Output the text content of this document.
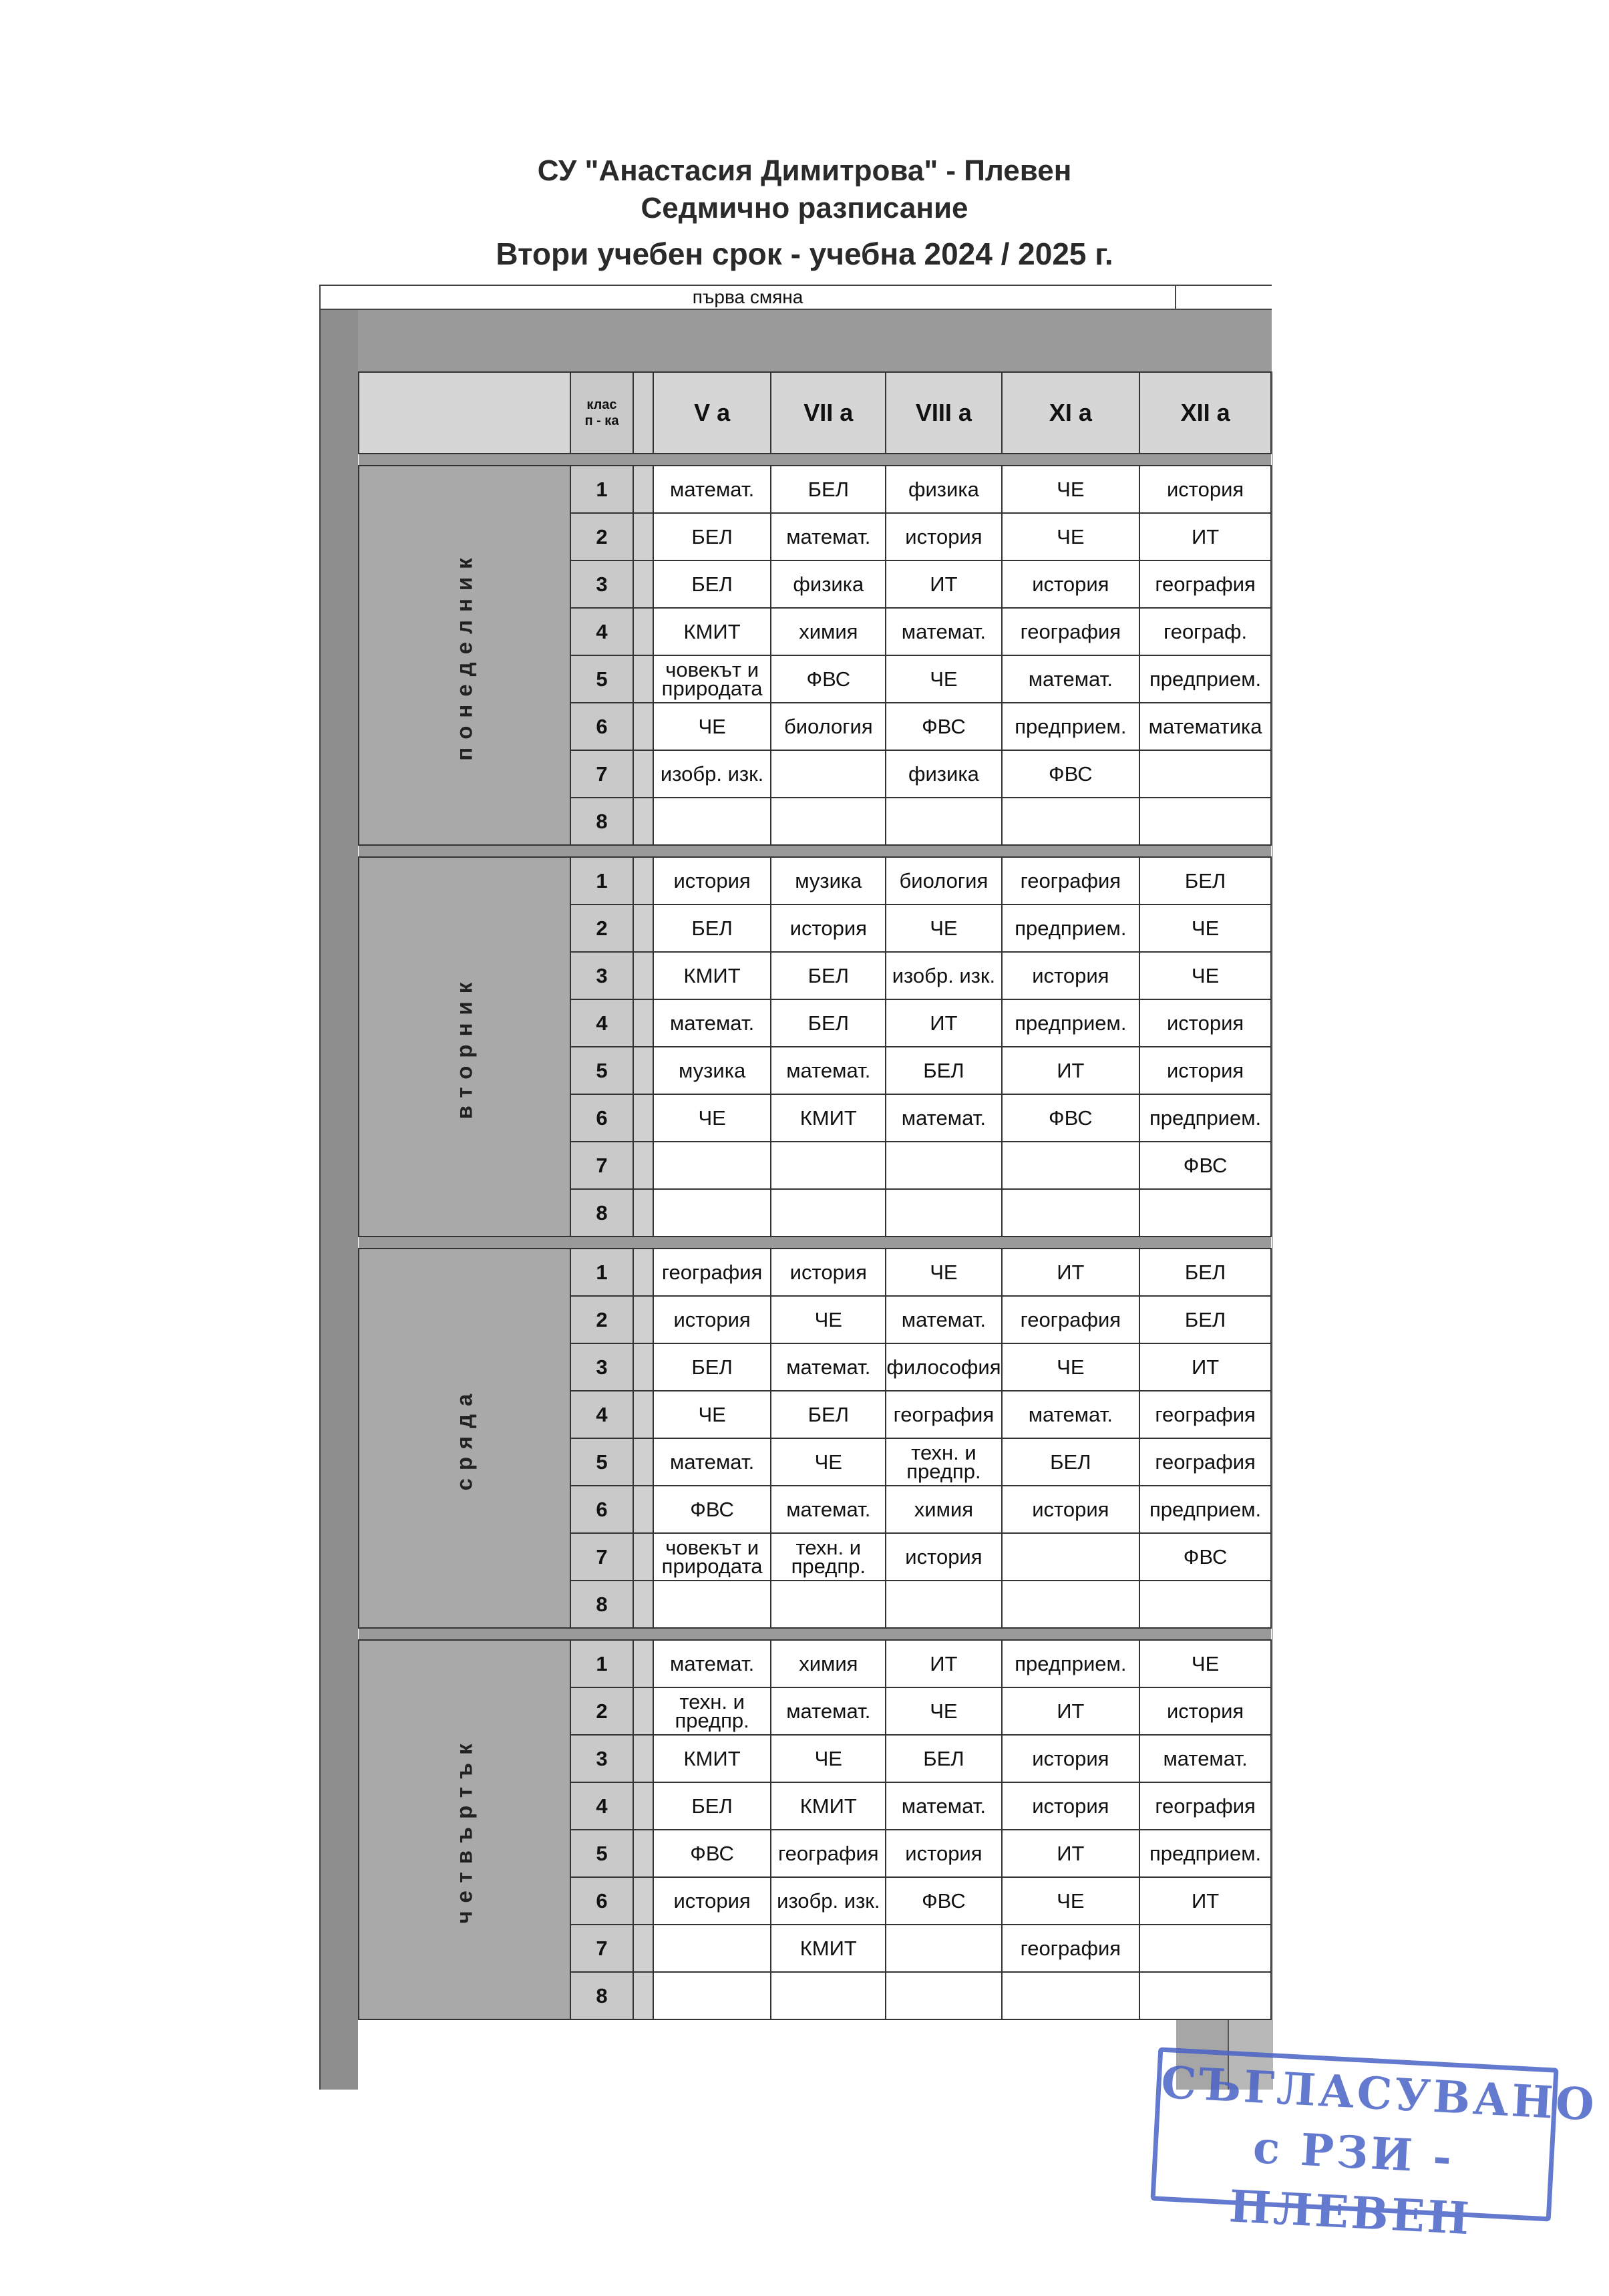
СУ "Анастасия Димитрова" - Плевен
Седмично разписание
Втори учебен срок - учебна 2024 / 2025 г.
първа смяна
	клас
п - ка		V a	VII a	VIII a	XI a	XII a

понеделник	1		математ.	БЕЛ	физика	ЧЕ	история
	2		БЕЛ	математ.	история	ЧЕ	ИТ
	3		БЕЛ	физика	ИТ	история	география
	4		КМИТ	химия	математ.	география	географ.
	5		човекът и природата	ФВС	ЧЕ	математ.	предприем.
	6		ЧЕ	биология	ФВС	предприем.	математика
	7		изобр. изк.		физика	ФВС	
	8						

вторник	1		история	музика	биология	география	БЕЛ
	2		БЕЛ	история	ЧЕ	предприем.	ЧЕ
	3		КМИТ	БЕЛ	изобр. изк.	история	ЧЕ
	4		математ.	БЕЛ	ИТ	предприем.	история
	5		музика	математ.	БЕЛ	ИТ	история
	6		ЧЕ	КМИТ	математ.	ФВС	предприем.
	7						ФВС
	8						

сряда	1		география	история	ЧЕ	ИТ	БЕЛ
	2		история	ЧЕ	математ.	география	БЕЛ
	3		БЕЛ	математ.	философия	ЧЕ	ИТ
	4		ЧЕ	БЕЛ	география	математ.	география
	5		математ.	ЧЕ	техн. и предпр.	БЕЛ	география
	6		ФВС	математ.	химия	история	предприем.
	7		човекът и природата	техн. и предпр.	история		ФВС
	8						

четвъртък	1		математ.	химия	ИТ	предприем.	ЧЕ
	2		техн. и предпр.	математ.	ЧЕ	ИТ	история
	3		КМИТ	ЧЕ	БЕЛ	история	математ.
	4		БЕЛ	КМИТ	математ.	история	география
	5		ФВС	география	история	ИТ	предприем.
	6		история	изобр. изк.	ФВС	ЧЕ	ИТ
	7			КМИТ		география	
	8						
СЪГЛАСУВАНО
с РЗИ - ПЛЕВЕН
